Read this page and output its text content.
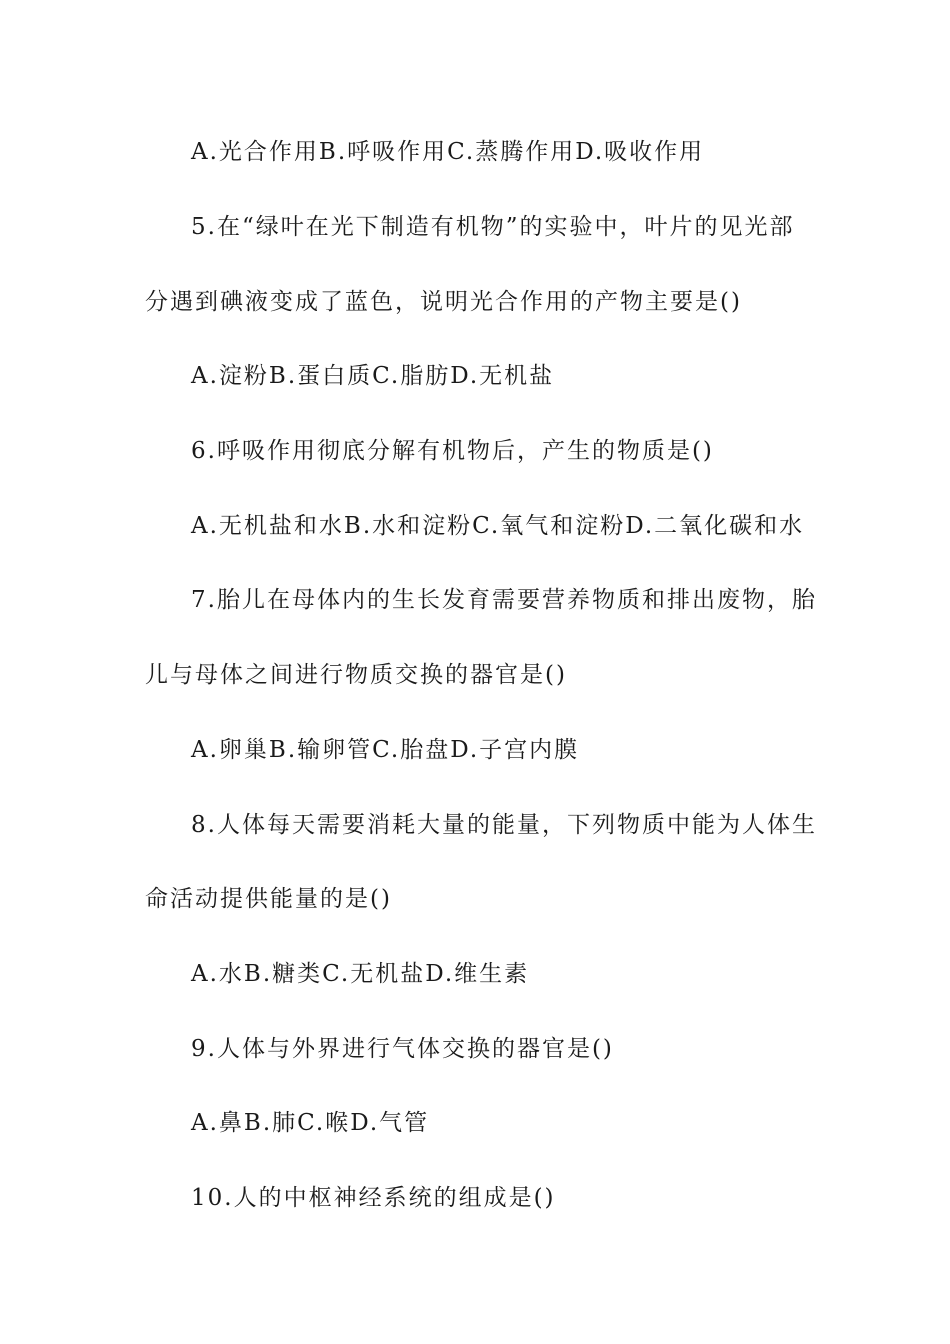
A.光合作用B.呼吸作用C.蒸腾作用D.吸收作用
5.在“绿叶在光下制造有机物”的实验中，叶片的见光部
分遇到碘液变成了蓝色，说明光合作用的产物主要是()
A.淀粉B.蛋白质C.脂肪D.无机盐
6.呼吸作用彻底分解有机物后，产生的物质是()
A.无机盐和水B.水和淀粉C.氧气和淀粉D.二氧化碳和水
7.胎儿在母体内的生长发育需要营养物质和排出废物，胎
儿与母体之间进行物质交换的器官是()
A.卵巢B.输卵管C.胎盘D.子宫内膜
8.人体每天需要消耗大量的能量，下列物质中能为人体生
命活动提供能量的是()
A.水B.糖类C.无机盐D.维生素
9.人体与外界进行气体交换的器官是()
A.鼻B.肺C.喉D.气管
10.人的中枢神经系统的组成是()
